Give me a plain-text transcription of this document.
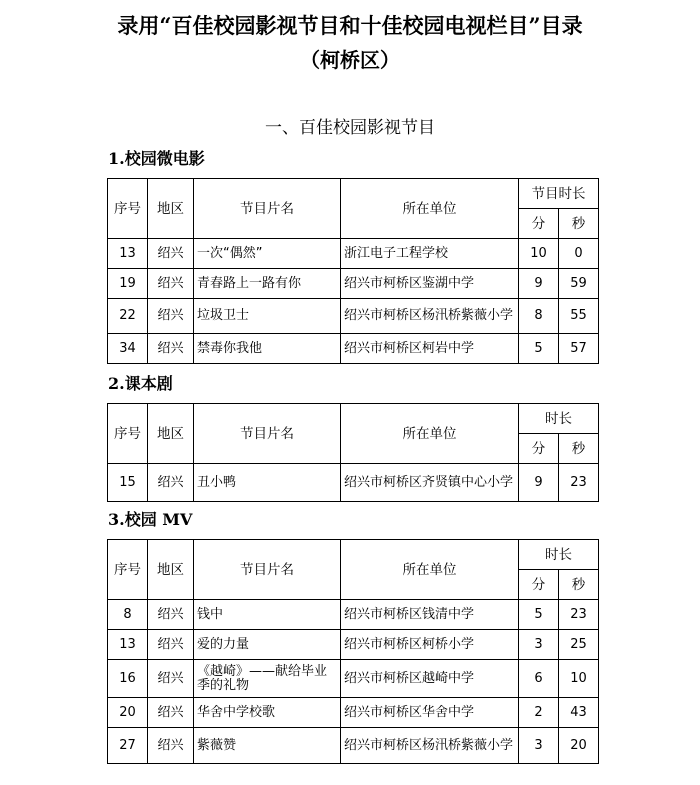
录用“百佳校园影视节目和十佳校园电视栏目”目录
（柯桥区）
一、百佳校园影视节目
1.校园微电影
序号	地区	节目片名	所在单位	节目时长	
				分	秒
13	绍兴	一次“偶然”	浙江电子工程学校	10	0
19	绍兴	青春路上一路有你	绍兴市柯桥区鉴湖中学	9	59
22	绍兴	垃圾卫士	绍兴市柯桥区杨汛桥紫薇小学	8	55
34	绍兴	禁毒你我他	绍兴市柯桥区柯岩中学	5	57
2.课本剧
序号	地区	节目片名	所在单位	时长	
				分	秒
15	绍兴	丑小鸭	绍兴市柯桥区齐贤镇中心小学	9	23
3.校园 MV
序号	地区	节目片名	所在单位	时长	
				分	秒
8	绍兴	钱中	绍兴市柯桥区钱清中学	5	23
13	绍兴	爱的力量	绍兴市柯桥区柯桥小学	3	25
16	绍兴	《越崎》——献给毕业季的礼物	绍兴市柯桥区越崎中学	6	10
20	绍兴	华舍中学校歌	绍兴市柯桥区华舍中学	2	43
27	绍兴	紫薇赞	绍兴市柯桥区杨汛桥紫薇小学	3	20
